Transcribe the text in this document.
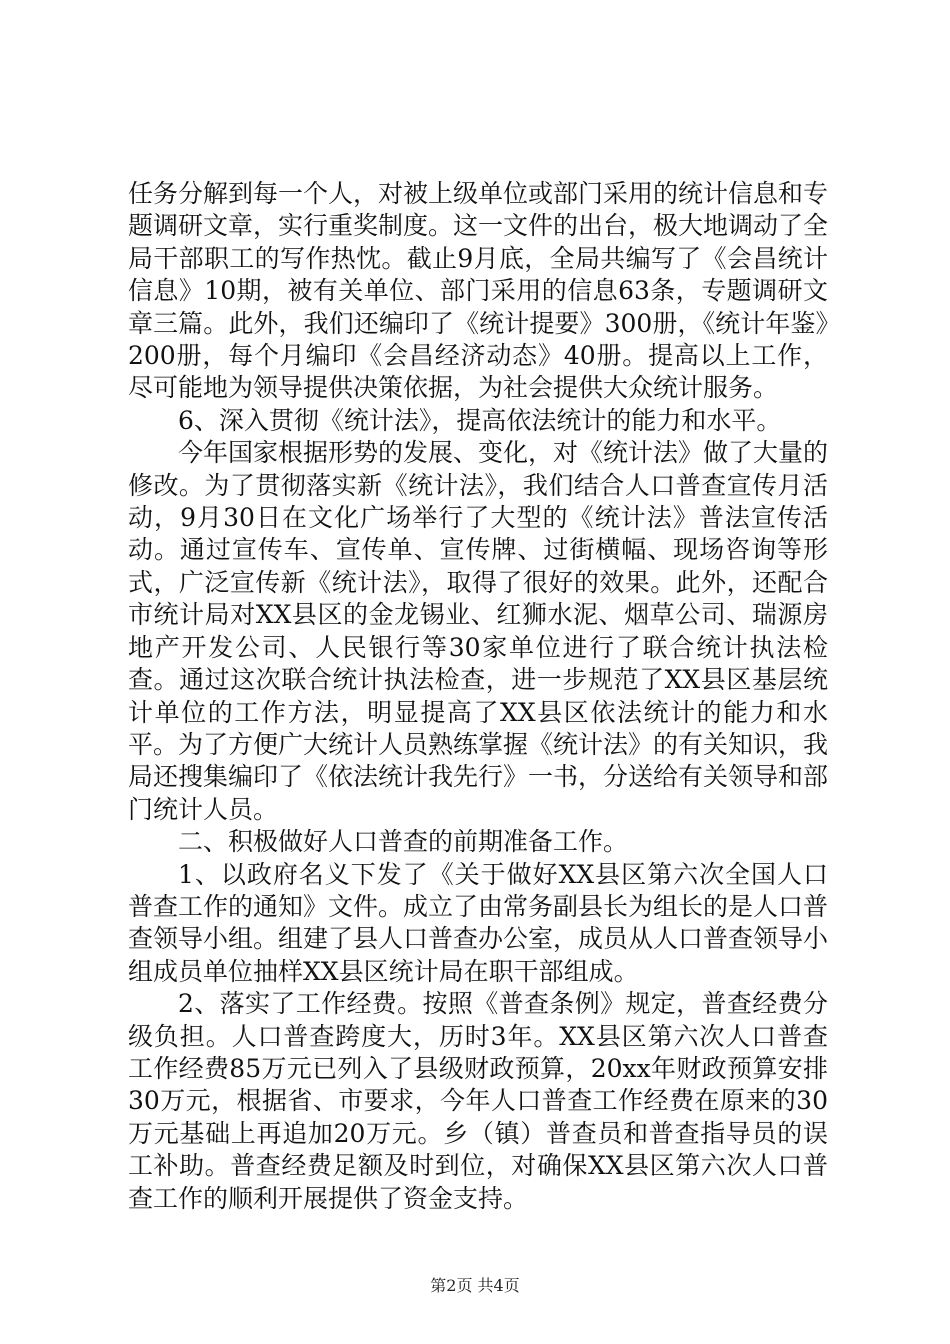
任务分解到每一个人，对被上级单位或部门采用的统计信息和专题调研文章，实行重奖制度。这一文件的出台，极大地调动了全局干部职工的写作热忱。截止9月底，全局共编写了《会昌统计信息》10期，被有关单位、部门采用的信息63条，专题调研文章三篇。此外，我们还编印了《统计提要》300册，《统计年鉴》200册，每个月编印《会昌经济动态》40册。提高以上工作，尽可能地为领导提供决策依据，为社会提供大众统计服务。

6、深入贯彻《统计法》，提高依法统计的能力和水平。

今年国家根据形势的发展、变化，对《统计法》做了大量的修改。为了贯彻落实新《统计法》，我们结合人口普查宣传月活动，9月30日在文化广场举行了大型的《统计法》普法宣传活动。通过宣传车、宣传单、宣传牌、过街横幅、现场咨询等形式，广泛宣传新《统计法》，取得了很好的效果。此外，还配合市统计局对XX县区的金龙锡业、红狮水泥、烟草公司、瑞源房地产开发公司、人民银行等30家单位进行了联合统计执法检查。通过这次联合统计执法检查，进一步规范了XX县区基层统计单位的工作方法，明显提高了XX县区依法统计的能力和水平。为了方便广大统计人员熟练掌握《统计法》的有关知识，我局还搜集编印了《依法统计我先行》一书，分送给有关领导和部门统计人员。

二、积极做好人口普查的前期准备工作。

1、以政府名义下发了《关于做好XX县区第六次全国人口普查工作的通知》文件。成立了由常务副县长为组长的是人口普查领导小组。组建了县人口普查办公室，成员从人口普查领导小组成员单位抽样XX县区统计局在职干部组成。

2、落实了工作经费。按照《普查条例》规定，普查经费分级负担。人口普查跨度大，历时3年。XX县区第六次人口普查工作经费85万元已列入了县级财政预算，20xx年财政预算安排30万元，根据省、市要求，今年人口普查工作经费在原来的30万元基础上再追加20万元。乡（镇）普查员和普查指导员的误工补助。普查经费足额及时到位，对确保XX县区第六次人口普查工作的顺利开展提供了资金支持。

第2页 共4页
